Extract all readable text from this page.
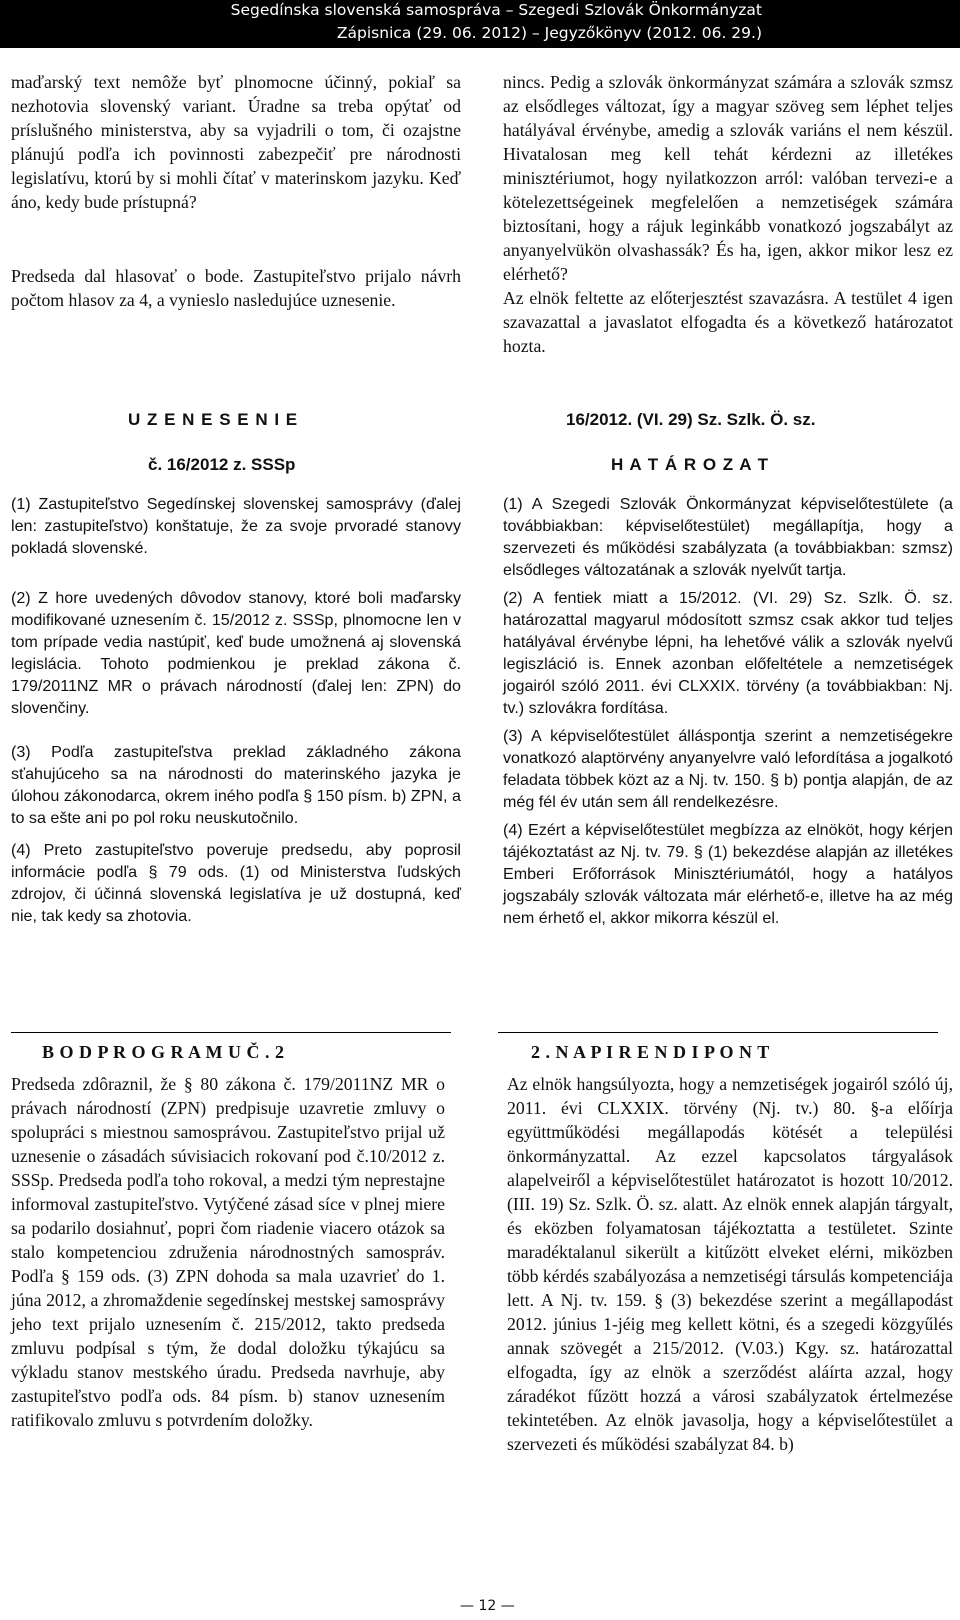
Segedínska slovenská samospráva – Szegedi Szlovák Önkormányzat
Zápisnica (29. 06. 2012) – Jegyzőkönyv (2012. 06. 29.)

maďarský text nemôže byť plnomocne účinný, pokiaľ sa nezhotovia slovenský variant. Úradne sa treba opýtať od príslušného ministerstva, aby sa vyjadrili o tom, či ozajstne plánujú podľa ich povinnosti zabezpečiť pre národnosti legislatívu, ktorú by si mohli čítať v materinskom jazyku. Keď áno, kedy bude prístupná?

Predseda dal hlasovať o bode. Zastupiteľstvo prijalo návrh počtom hlasov za 4, a vynieslo nasledujúce uznesenie.

nincs. Pedig a szlovák önkormányzat számára a szlovák szmsz az elsődleges változat, így a magyar szöveg sem léphet teljes hatályával érvénybe, amedig a szlovák variáns el nem készül. Hivatalosan meg kell tehát kérdezni az illetékes minisztériumot, hogy nyilatkozzon arról: valóban tervezi-e a kötelezettségeinek megfelelően a nemzetiségek számára biztosítani, hogy a rájuk leginkább vonatkozó jogszabályt az anyanyelvükön olvashassák? És ha, igen, akkor mikor lesz ez elérhető?

Az elnök feltette az előterjesztést szavazásra. A testület 4 igen szavazattal a javaslatot elfogadta és a következő határozatot hozta.

U Z E N E S E N I E
č. 16/2012 z. SSSp
16/2012. (VI. 29) Sz. Szlk. Ö. sz.
H A T Á R O Z A T

(1) Zastupiteľstvo Segedínskej slovenskej samosprávy (ďalej len: zastupiteľstvo) konštatuje, že za svoje prvoradé stanovy pokladá slovenské.

(2) Z hore uvedených dôvodov stanovy, ktoré boli maďarsky modifikované uznesením č. 15/2012 z. SSSp, plnomocne len v tom prípade vedia nastúpiť, keď bude umožnená aj slovenská legislácia. Tohoto podmienkou je preklad zákona č. 179/2011NZ MR o právach národností (ďalej len: ZPN) do slovenčiny.

(3) Podľa zastupiteľstva preklad základného zákona sťahujúceho sa na národnosti do materinského jazyka je úlohou zákonodarca, okrem iného podľa § 150 písm. b) ZPN, a to sa ešte ani po pol roku neuskutočnilo.

(4) Preto zastupiteľstvo poveruje predsedu, aby poprosil informácie podľa § 79 ods. (1) od Ministerstva ľudských zdrojov, či účinná slovenská legislatíva je už dostupná, keď nie, tak kedy sa zhotovia.

(1) A Szegedi Szlovák Önkormányzat képviselőtestülete (a továbbiakban: képviselőtestület) megállapítja, hogy a szervezeti és működési szabályzata (a továbbiakban: szmsz) elsődleges változatának a szlovák nyelvűt tartja.

(2) A fentiek miatt a 15/2012. (VI. 29) Sz. Szlk. Ö. sz. határozattal magyarul módosított szmsz csak akkor tud teljes hatályával érvénybe lépni, ha lehetővé válik a szlovák nyelvű legiszláció is. Ennek azonban előfeltétele a nemzetiségek jogairól szóló 2011. évi CLXXIX. törvény (a továbbiakban: Nj. tv.) szlovákra fordítása.

(3) A képviselőtestület álláspontja szerint a nemzetiségekre vonatkozó alaptörvény anyanyelvre való lefordítása a jogalkotó feladata többek közt az a Nj. tv. 150. § b) pontja alapján, de az még fél év után sem áll rendelkezésre.

(4) Ezért a képviselőtestület megbízza az elnököt, hogy kérjen tájékoztatást az Nj. tv. 79. § (1) bekezdése alapján az illetékes Emberi Erőforrások Minisztériumától, hogy a hatályos jogszabály szlovák változata már elérhető-e, illetve ha az még nem érhető el, akkor mikorra készül el.

B O D P R O G R A M U Č . 2	2 . N A P I R E N D I P O N T

Predseda zdôraznil, že § 80 zákona č. 179/2011NZ MR o právach národností (ZPN) predpisuje uzavretie zmluvy o spolupráci s miestnou samosprávou. Zastupiteľstvo prijal už uznesenie o zásadách súvisiacich rokovaní pod č.10/2012 z. SSSp. Predseda podľa toho rokoval, a medzi tým neprestajne informoval zastupiteľstvo. Vytýčené zásad síce v plnej miere sa podarilo dosiahnuť, popri čom riadenie viacero otázok sa stalo kompetenciou združenia národnostných samospráv. Podľa § 159 ods. (3) ZPN dohoda sa mala uzavrieť do 1. júna 2012, a zhromaždenie segedínskej mestskej samosprávy jeho text prijalo uznesením č. 215/2012, takto predseda zmluvu podpísal s tým, že dodal doložku týkajúcu sa výkladu stanov mestského úradu. Predseda navrhuje, aby zastupiteľstvo podľa ods. 84 písm. b) stanov uznesením ratifikovalo zmluvu s potvrdením doložky.

Az elnök hangsúlyozta, hogy a nemzetiségek jogairól szóló új, 2011. évi CLXXIX. törvény (Nj. tv.) 80. §-a előírja együttműködési megállapodás kötését a települési önkormányzattal. Az ezzel kapcsolatos tárgyalások alapelveiről a képviselőtestület határozatot is hozott 10/2012. (III. 19) Sz. Szlk. Ö. sz. alatt. Az elnök ennek alapján tárgyalt, és eközben folyamatosan tájékoztatta a testületet. Szinte maradéktalanul sikerült a kitűzött elveket elérni, miközben több kérdés szabályozása a nemzetiségi társulás kompetenciája lett. A Nj. tv. 159. § (3) bekezdése szerint a megállapodást 2012. június 1-jéig meg kellett kötni, és a szegedi közgyűlés annak szövegét a 215/2012. (V.03.) Kgy. sz. határozattal elfogadta, így az elnök a szerződést aláírta azzal, hogy záradékot fűzött hozzá a városi szabályzatok értelmezése tekintetében. Az elnök javasolja, hogy a képviselőtestület a szervezeti és működési szabályzat 84. b)

— 12 —
